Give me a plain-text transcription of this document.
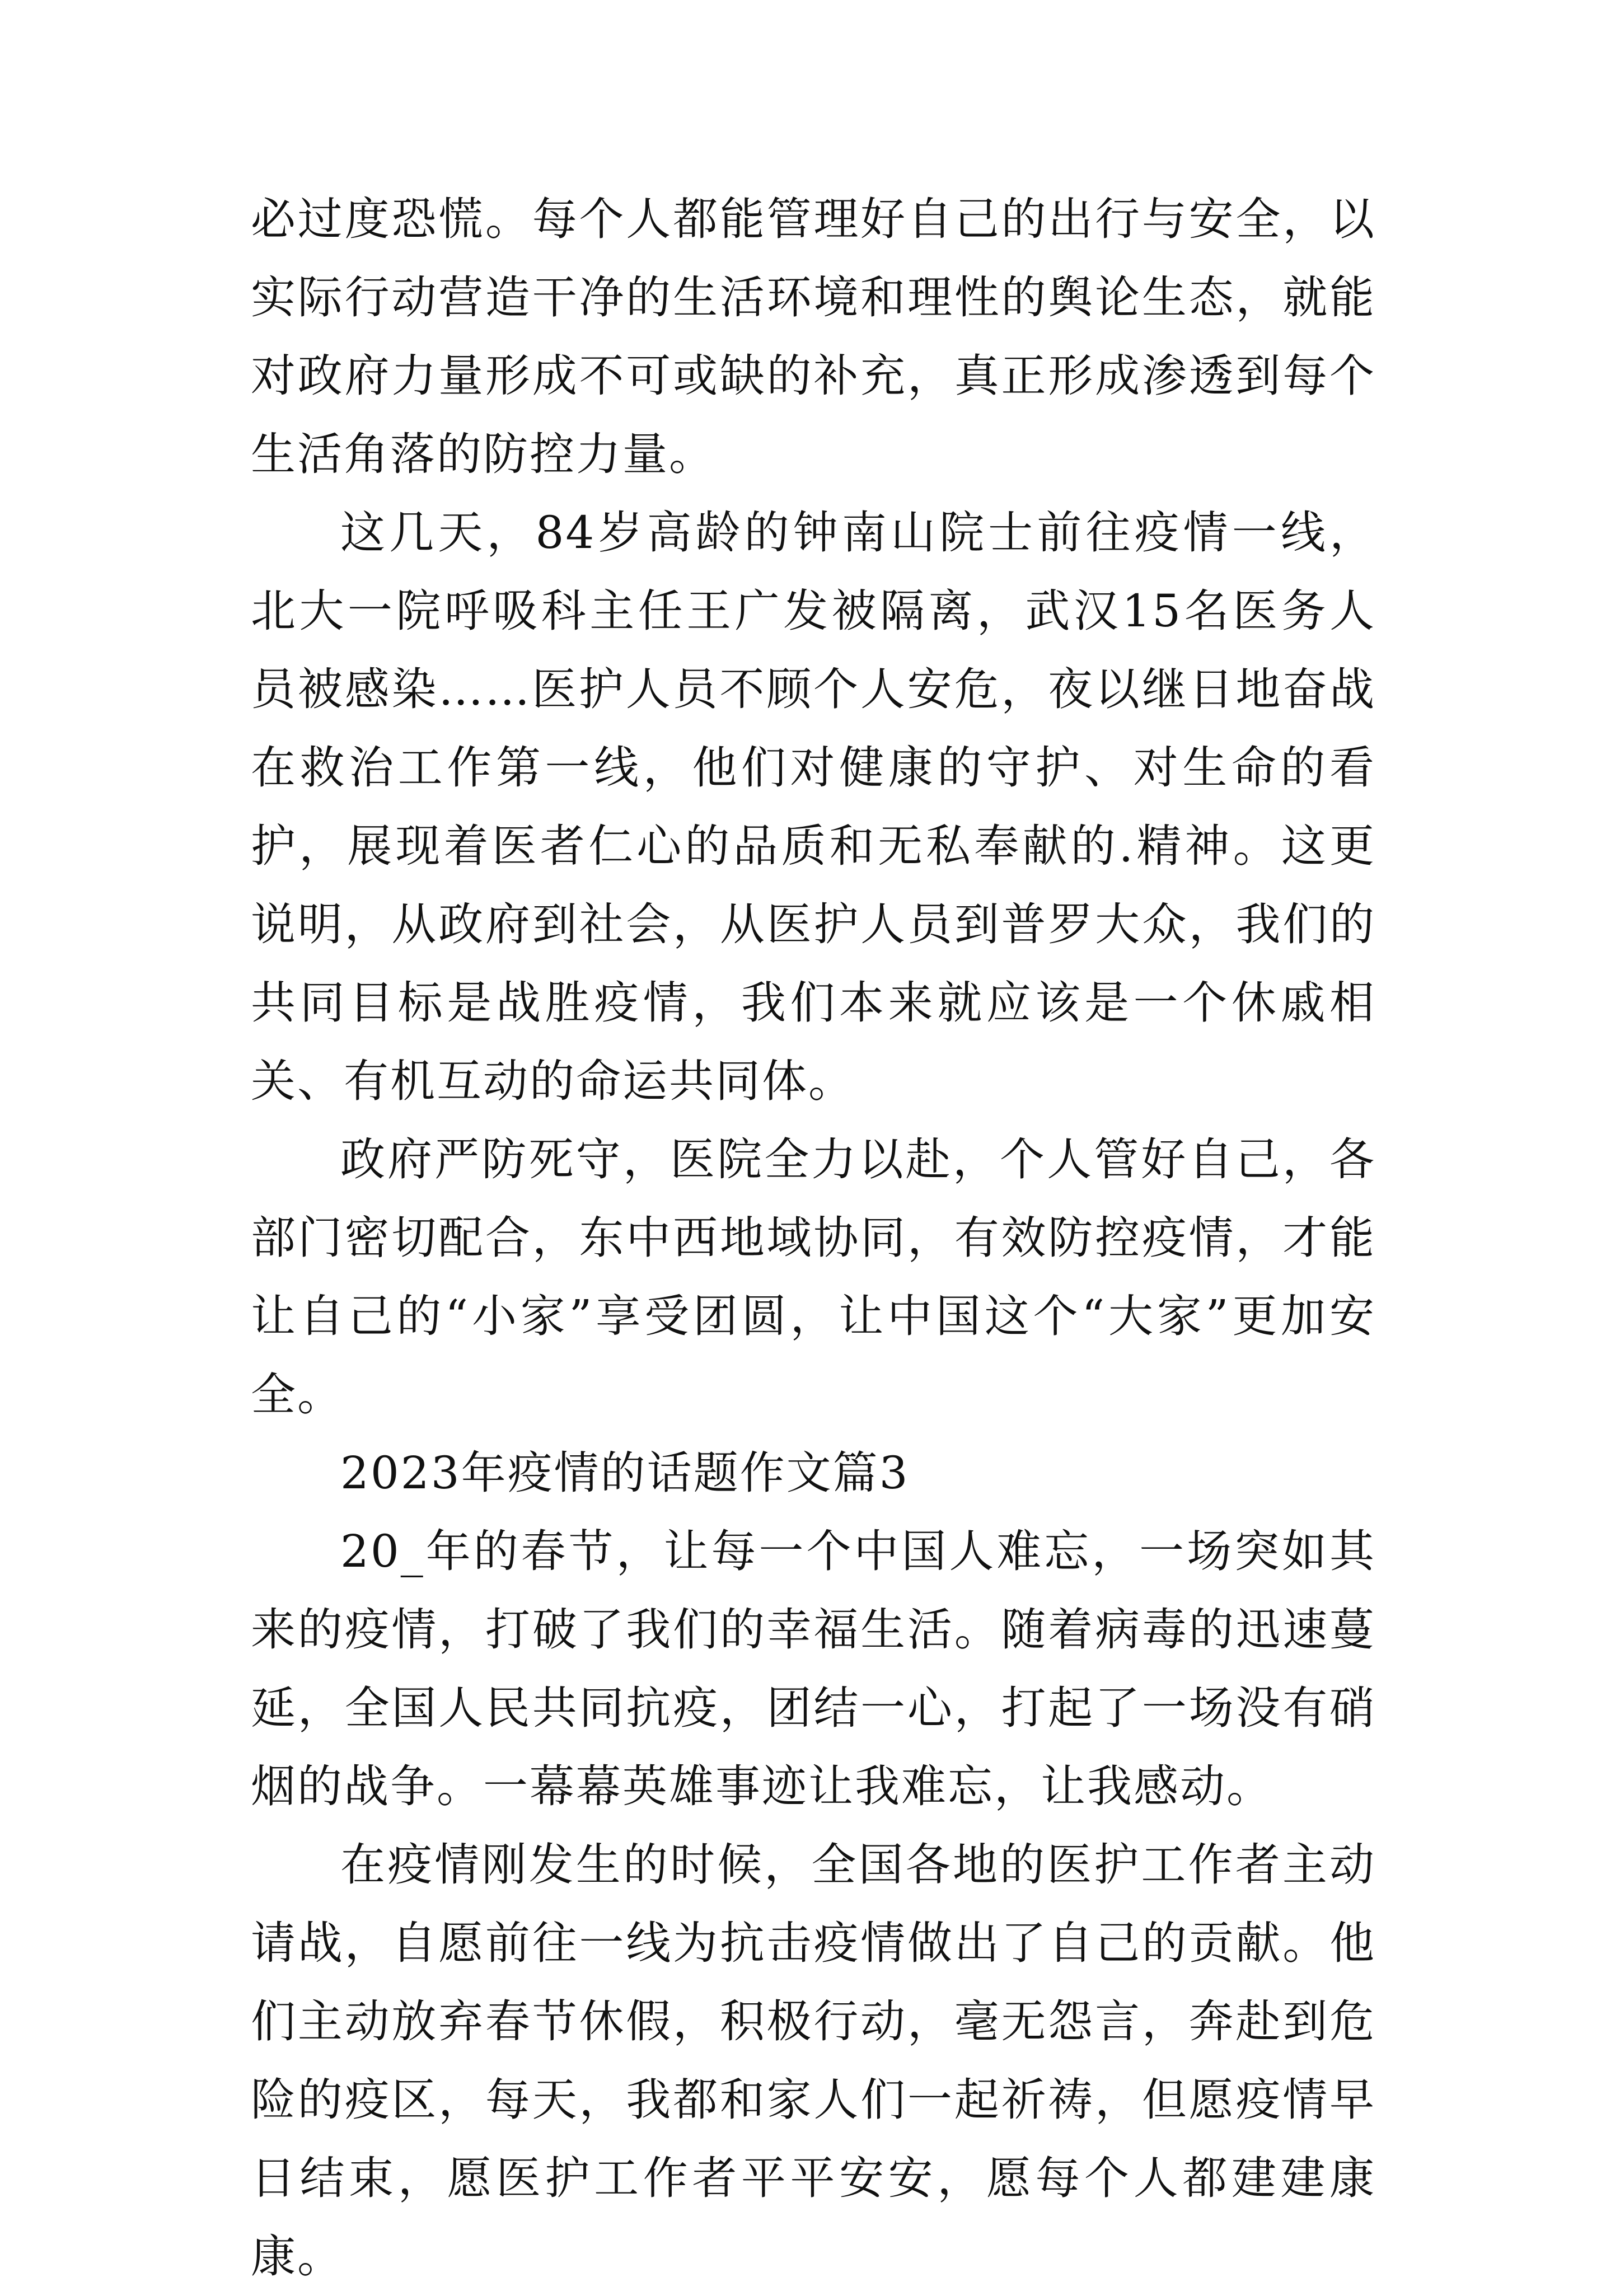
必过度恐慌。每个人都能管理好自己的出行与安全，以实际行动营造干净的生活环境和理性的舆论生态，就能对政府力量形成不可或缺的补充，真正形成渗透到每个生活角落的防控力量。

这几天，84岁高龄的钟南山院士前往疫情一线，北大一院呼吸科主任王广发被隔离，武汉15名医务人员被感染……医护人员不顾个人安危，夜以继日地奋战在救治工作第一线，他们对健康的守护、对生命的看护，展现着医者仁心的品质和无私奉献的.精神。这更说明，从政府到社会，从医护人员到普罗大众，我们的共同目标是战胜疫情，我们本来就应该是一个休戚相关、有机互动的命运共同体。

政府严防死守，医院全力以赴，个人管好自己，各部门密切配合，东中西地域协同，有效防控疫情，才能让自己的“小家”享受团圆，让中国这个“大家”更加安全。

2023年疫情的话题作文篇3

20_年的春节，让每一个中国人难忘，一场突如其来的疫情，打破了我们的幸福生活。随着病毒的迅速蔓延，全国人民共同抗疫，团结一心，打起了一场没有硝烟的战争。一幕幕英雄事迹让我难忘，让我感动。

在疫情刚发生的时候，全国各地的医护工作者主动请战，自愿前往一线为抗击疫情做出了自己的贡献。他们主动放弃春节休假，积极行动，毫无怨言，奔赴到危险的疫区，每天，我都和家人们一起祈祷，但愿疫情早日结束，愿医护工作者平平安安，愿每个人都建建康康。
